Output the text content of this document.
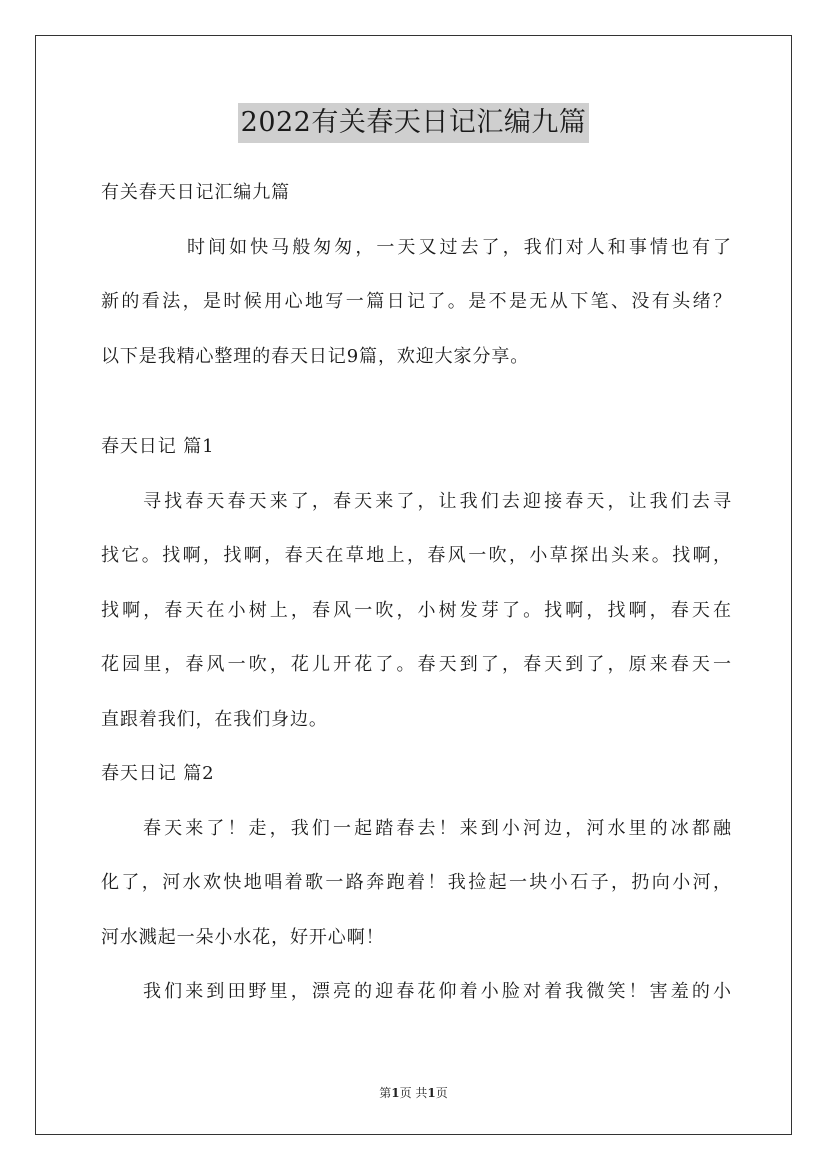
2022有关春天日记汇编九篇
有关春天日记汇编九篇
时间如快马般匆匆，一天又过去了，我们对人和事情也有了
新的看法，是时候用心地写一篇日记了。是不是无从下笔、没有头绪？
以下是我精心整理的春天日记9篇，欢迎大家分享。
春天日记 篇1
寻找春天春天来了，春天来了，让我们去迎接春天，让我们去寻
找它。找啊，找啊，春天在草地上，春风一吹，小草探出头来。找啊，
找啊，春天在小树上，春风一吹，小树发芽了。找啊，找啊，春天在
花园里，春风一吹，花儿开花了。春天到了，春天到了，原来春天一
直跟着我们，在我们身边。
春天日记 篇2
春天来了！走，我们一起踏春去！来到小河边，河水里的冰都融
化了，河水欢快地唱着歌一路奔跑着！我捡起一块小石子，扔向小河，
河水溅起一朵小水花，好开心啊！
我们来到田野里，漂亮的迎春花仰着小脸对着我微笑！害羞的小
第1页 共1页
